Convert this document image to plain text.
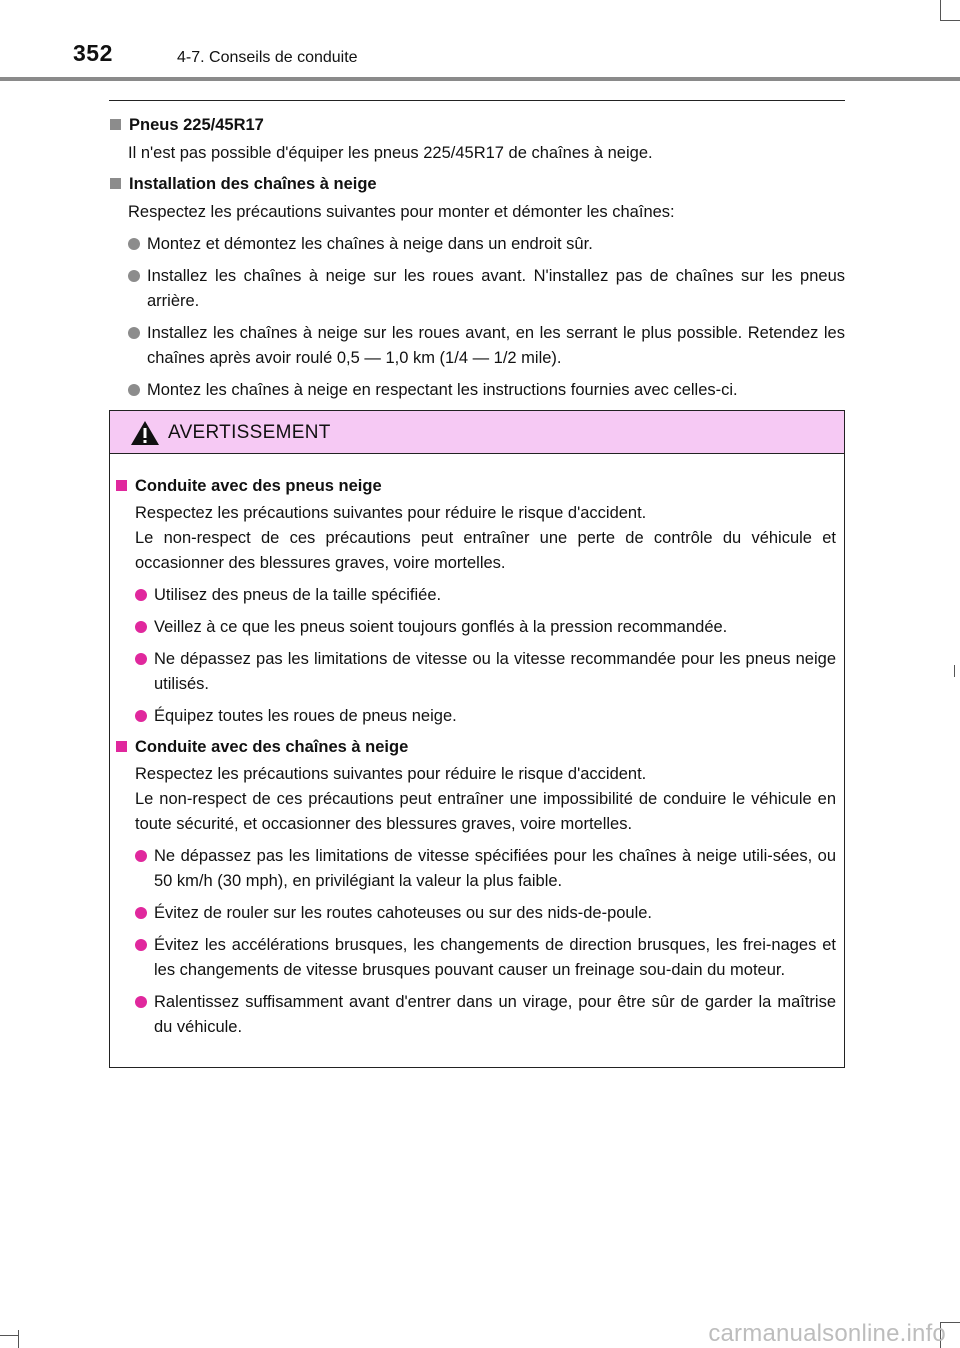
352	4-7. Conseils de conduite
Pneus 225/45R17
Il n'est pas possible d'équiper les pneus 225/45R17 de chaînes à neige.
Installation des chaînes à neige
Respectez les précautions suivantes pour monter et démonter les chaînes:
Montez et démontez les chaînes à neige dans un endroit sûr.
Installez les chaînes à neige sur les roues avant. N'installez pas de chaînes sur les pneus arrière.
Installez les chaînes à neige sur les roues avant, en les serrant le plus possible. Retendez les chaînes après avoir roulé 0,5 — 1,0 km (1/4 — 1/2 mile).
Montez les chaînes à neige en respectant les instructions fournies avec celles-ci.
AVERTISSEMENT
Conduite avec des pneus neige
Respectez les précautions suivantes pour réduire le risque d'accident.
Le non-respect de ces précautions peut entraîner une perte de contrôle du véhicule et occasionner des blessures graves, voire mortelles.
Utilisez des pneus de la taille spécifiée.
Veillez à ce que les pneus soient toujours gonflés à la pression recommandée.
Ne dépassez pas les limitations de vitesse ou la vitesse recommandée pour les pneus neige utilisés.
Équipez toutes les roues de pneus neige.
Conduite avec des chaînes à neige
Respectez les précautions suivantes pour réduire le risque d'accident.
Le non-respect de ces précautions peut entraîner une impossibilité de conduire le véhicule en toute sécurité, et occasionner des blessures graves, voire mortelles.
Ne dépassez pas les limitations de vitesse spécifiées pour les chaînes à neige utili-sées, ou 50 km/h (30 mph), en privilégiant la valeur la plus faible.
Évitez de rouler sur les routes cahoteuses ou sur des nids-de-poule.
Évitez les accélérations brusques, les changements de direction brusques, les frei-nages et les changements de vitesse brusques pouvant causer un freinage sou-dain du moteur.
Ralentissez suffisamment avant d'entrer dans un virage, pour être sûr de garder la maîtrise du véhicule.
carmanualsonline.info
